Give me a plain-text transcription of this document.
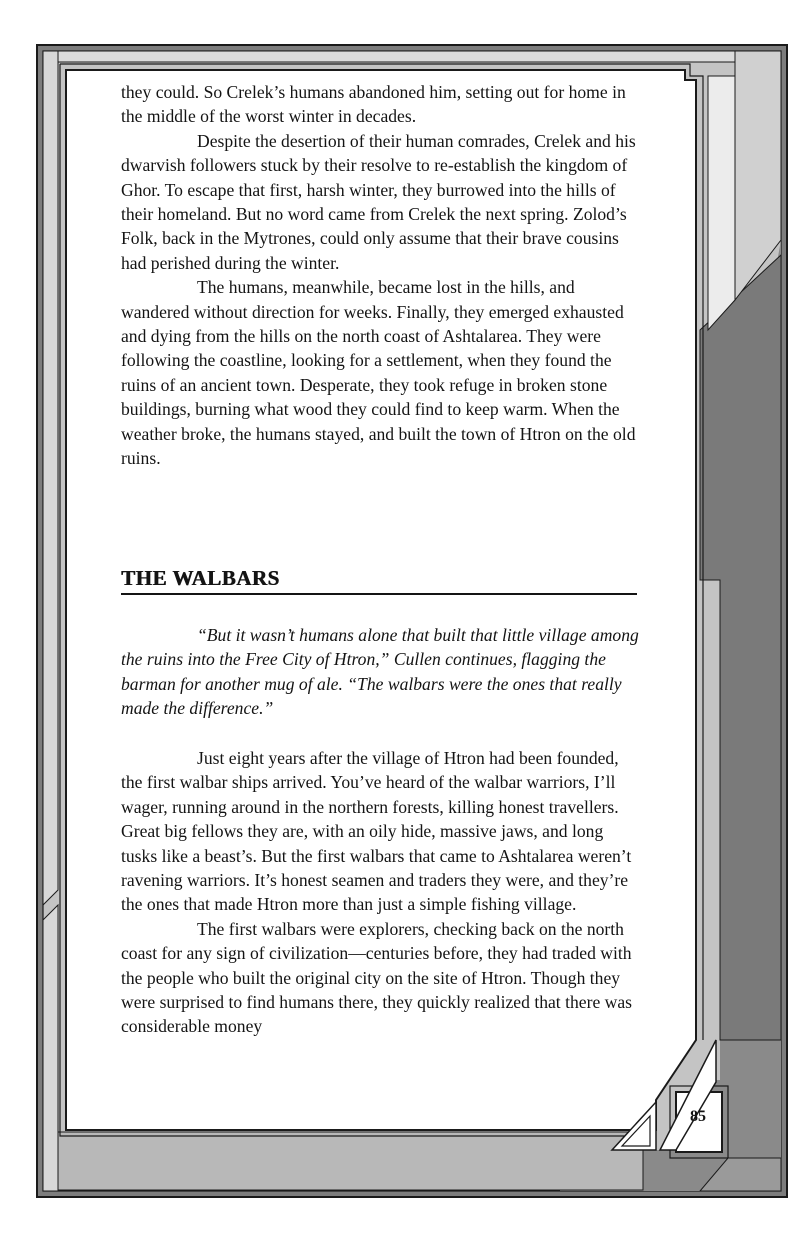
they could. So Crelek’s humans abandoned him, setting out for home in the middle of the worst winter in decades.

Despite the desertion of their human comrades, Crelek and his dwarvish followers stuck by their resolve to re-establish the kingdom of Ghor. To escape that first, harsh winter, they burrowed into the hills of their homeland. But no word came from Crelek the next spring. Zolod’s Folk, back in the Mytrones, could only assume that their brave cousins had perished during the winter.

The humans, meanwhile, became lost in the hills, and wandered without direction for weeks. Finally, they emerged exhausted and dying from the hills on the north coast of Ashtalarea. They were following the coastline, looking for a settlement, when they found the ruins of an ancient town. Desperate, they took refuge in broken stone buildings, burning what wood they could find to keep warm. When the weather broke, the humans stayed, and built the town of Htron on the old ruins.

THE WALBARS

“But it wasn’t humans alone that built that little village among the ruins into the Free City of Htron,” Cullen continues, flagging the barman for another mug of ale. “The walbars were the ones that really made the difference.”

Just eight years after the village of Htron had been founded, the first walbar ships arrived. You’ve heard of the walbar warriors, I’ll wager, running around in the northern forests, killing honest travellers. Great big fellows they are, with an oily hide, massive jaws, and long tusks like a beast’s. But the first walbars that came to Ashtalarea weren’t ravening warriors. It’s honest seamen and traders they were, and they’re the ones that made Htron more than just a simple fishing village.

The first walbars were explorers, checking back on the north coast for any sign of civilization—centuries before, they had traded with the people who built the original city on the site of Htron. Though they were surprised to find humans there, they quickly realized that there was considerable money

85
